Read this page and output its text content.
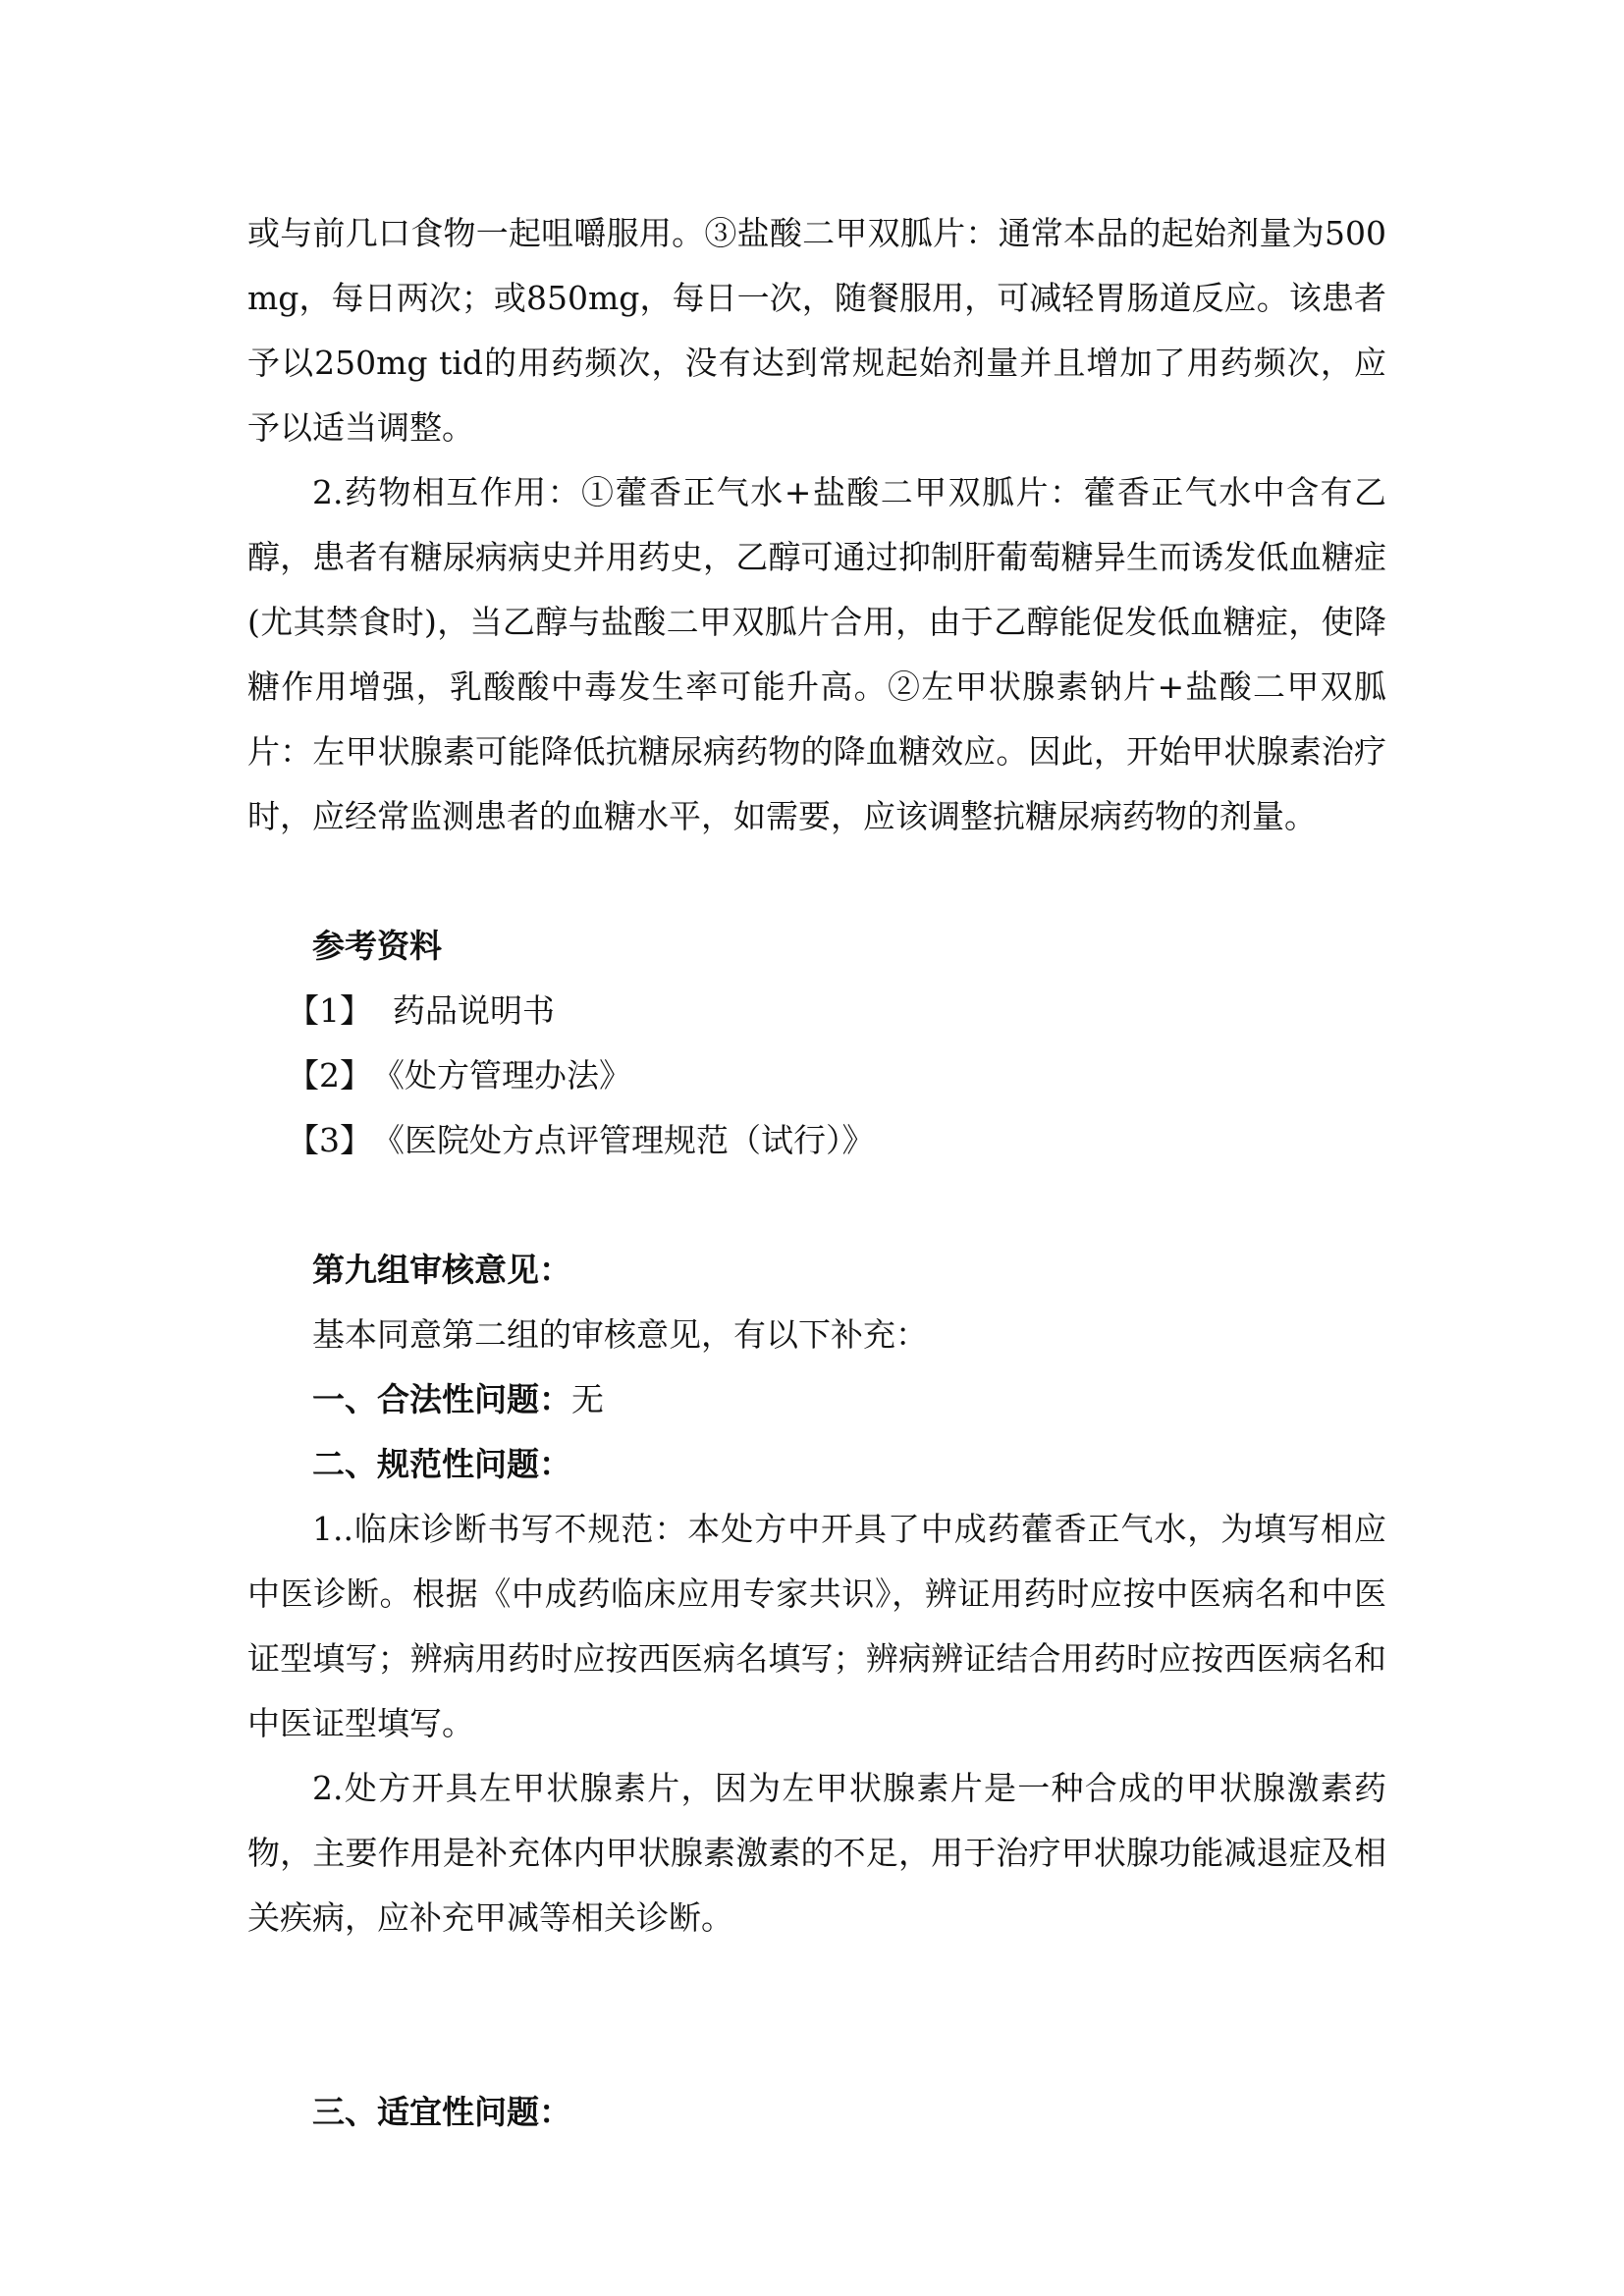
或与前几口食物一起咀嚼服用。③盐酸二甲双胍片：通常本品的起始剂量为500mg，每日两次；或850mg，每日一次，随餐服用，可减轻胃肠道反应。该患者予以250mg tid的用药频次，没有达到常规起始剂量并且增加了用药频次，应予以适当调整。

2.药物相互作用：①藿香正气水+盐酸二甲双胍片：藿香正气水中含有乙醇，患者有糖尿病病史并用药史，乙醇可通过抑制肝葡萄糖异生而诱发低血糖症(尤其禁食时)，当乙醇与盐酸二甲双胍片合用，由于乙醇能促发低血糖症，使降糖作用增强，乳酸酸中毒发生率可能升高。②左甲状腺素钠片+盐酸二甲双胍片：左甲状腺素可能降低抗糖尿病药物的降血糖效应。因此，开始甲状腺素治疗时，应经常监测患者的血糖水平，如需要，应该调整抗糖尿病药物的剂量。

参考资料

【1】  药品说明书

【2】《处方管理办法》

【3】《医院处方点评管理规范（试行）》

第九组审核意见：

基本同意第二组的审核意见，有以下补充：

一、合法性问题：无

二、规范性问题：

1..临床诊断书写不规范：本处方中开具了中成药藿香正气水，为填写相应中医诊断。根据《中成药临床应用专家共识》，辨证用药时应按中医病名和中医证型填写；辨病用药时应按西医病名填写；辨病辨证结合用药时应按西医病名和中医证型填写。

2.处方开具左甲状腺素片，因为左甲状腺素片是一种合成的甲状腺激素药物，主要作用是补充体内甲状腺素激素的不足，用于治疗甲状腺功能减退症及相关疾病，应补充甲减等相关诊断。

三、适宜性问题：
